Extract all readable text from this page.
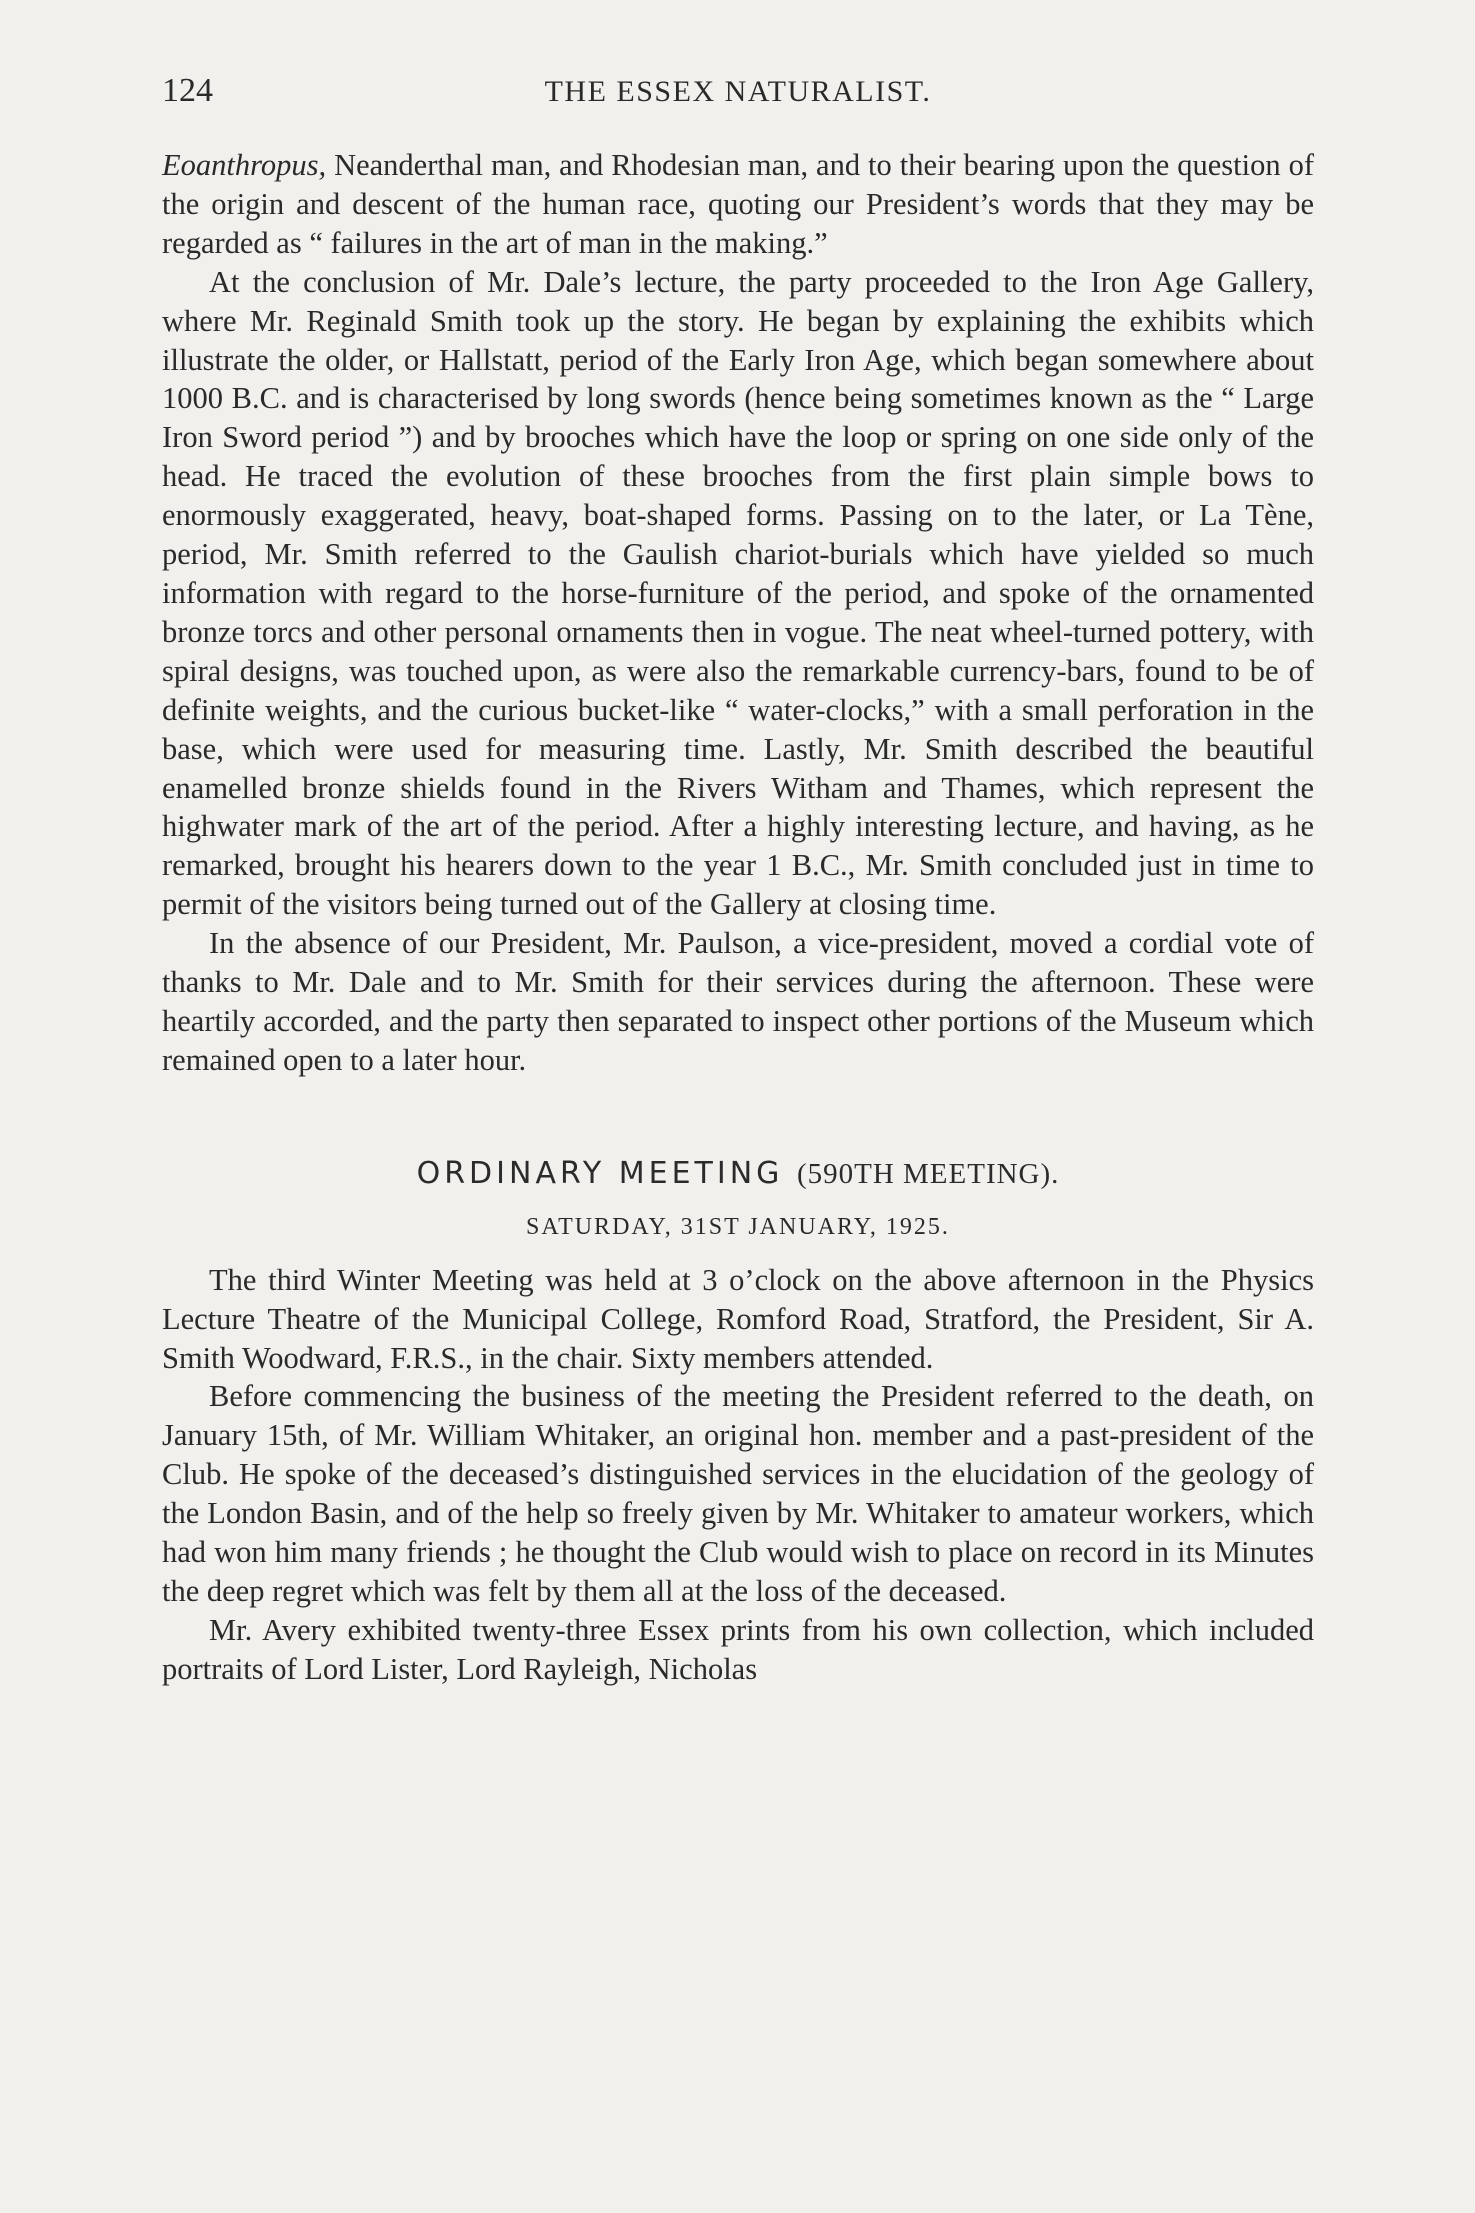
124	THE ESSEX NATURALIST.

Eoanthropus, Neanderthal man, and Rhodesian man, and to their bearing upon the question of the origin and descent of the human race, quoting our President’s words that they may be regarded as “ failures in the art of man in the making.”

At the conclusion of Mr. Dale’s lecture, the party proceeded to the Iron Age Gallery, where Mr. Reginald Smith took up the story. He began by explaining the exhibits which illustrate the older, or Hallstatt, period of the Early Iron Age, which began somewhere about 1000 B.C. and is characterised by long swords (hence being sometimes known as the “ Large Iron Sword period ”) and by brooches which have the loop or spring on one side only of the head. He traced the evolution of these brooches from the first plain simple bows to enormously exaggerated, heavy, boat-shaped forms. Passing on to the later, or La Tène, period, Mr. Smith referred to the Gaulish chariot-burials which have yielded so much information with regard to the horse-furniture of the period, and spoke of the ornamented bronze torcs and other personal ornaments then in vogue. The neat wheel-turned pottery, with spiral designs, was touched upon, as were also the remarkable currency-bars, found to be of definite weights, and the curious bucket-like “ water-clocks,” with a small perforation in the base, which were used for measuring time. Lastly, Mr. Smith described the beautiful enamelled bronze shields found in the Rivers Witham and Thames, which represent the highwater mark of the art of the period. After a highly interesting lecture, and having, as he remarked, brought his hearers down to the year 1 B.C., Mr. Smith concluded just in time to permit of the visitors being turned out of the Gallery at closing time.

In the absence of our President, Mr. Paulson, a vice-president, moved a cordial vote of thanks to Mr. Dale and to Mr. Smith for their services during the afternoon. These were heartily accorded, and the party then separated to inspect other portions of the Museum which remained open to a later hour.

ORDINARY MEETING (590TH MEETING).
SATURDAY, 31ST JANUARY, 1925.

The third Winter Meeting was held at 3 o’clock on the above afternoon in the Physics Lecture Theatre of the Municipal College, Romford Road, Stratford, the President, Sir A. Smith Woodward, F.R.S., in the chair. Sixty members attended.

Before commencing the business of the meeting the President referred to the death, on January 15th, of Mr. William Whitaker, an original hon. member and a past-president of the Club. He spoke of the deceased’s distinguished services in the elucidation of the geology of the London Basin, and of the help so freely given by Mr. Whitaker to amateur workers, which had won him many friends ; he thought the Club would wish to place on record in its Minutes the deep regret which was felt by them all at the loss of the deceased.

Mr. Avery exhibited twenty-three Essex prints from his own collection, which included portraits of Lord Lister, Lord Rayleigh, Nicholas
